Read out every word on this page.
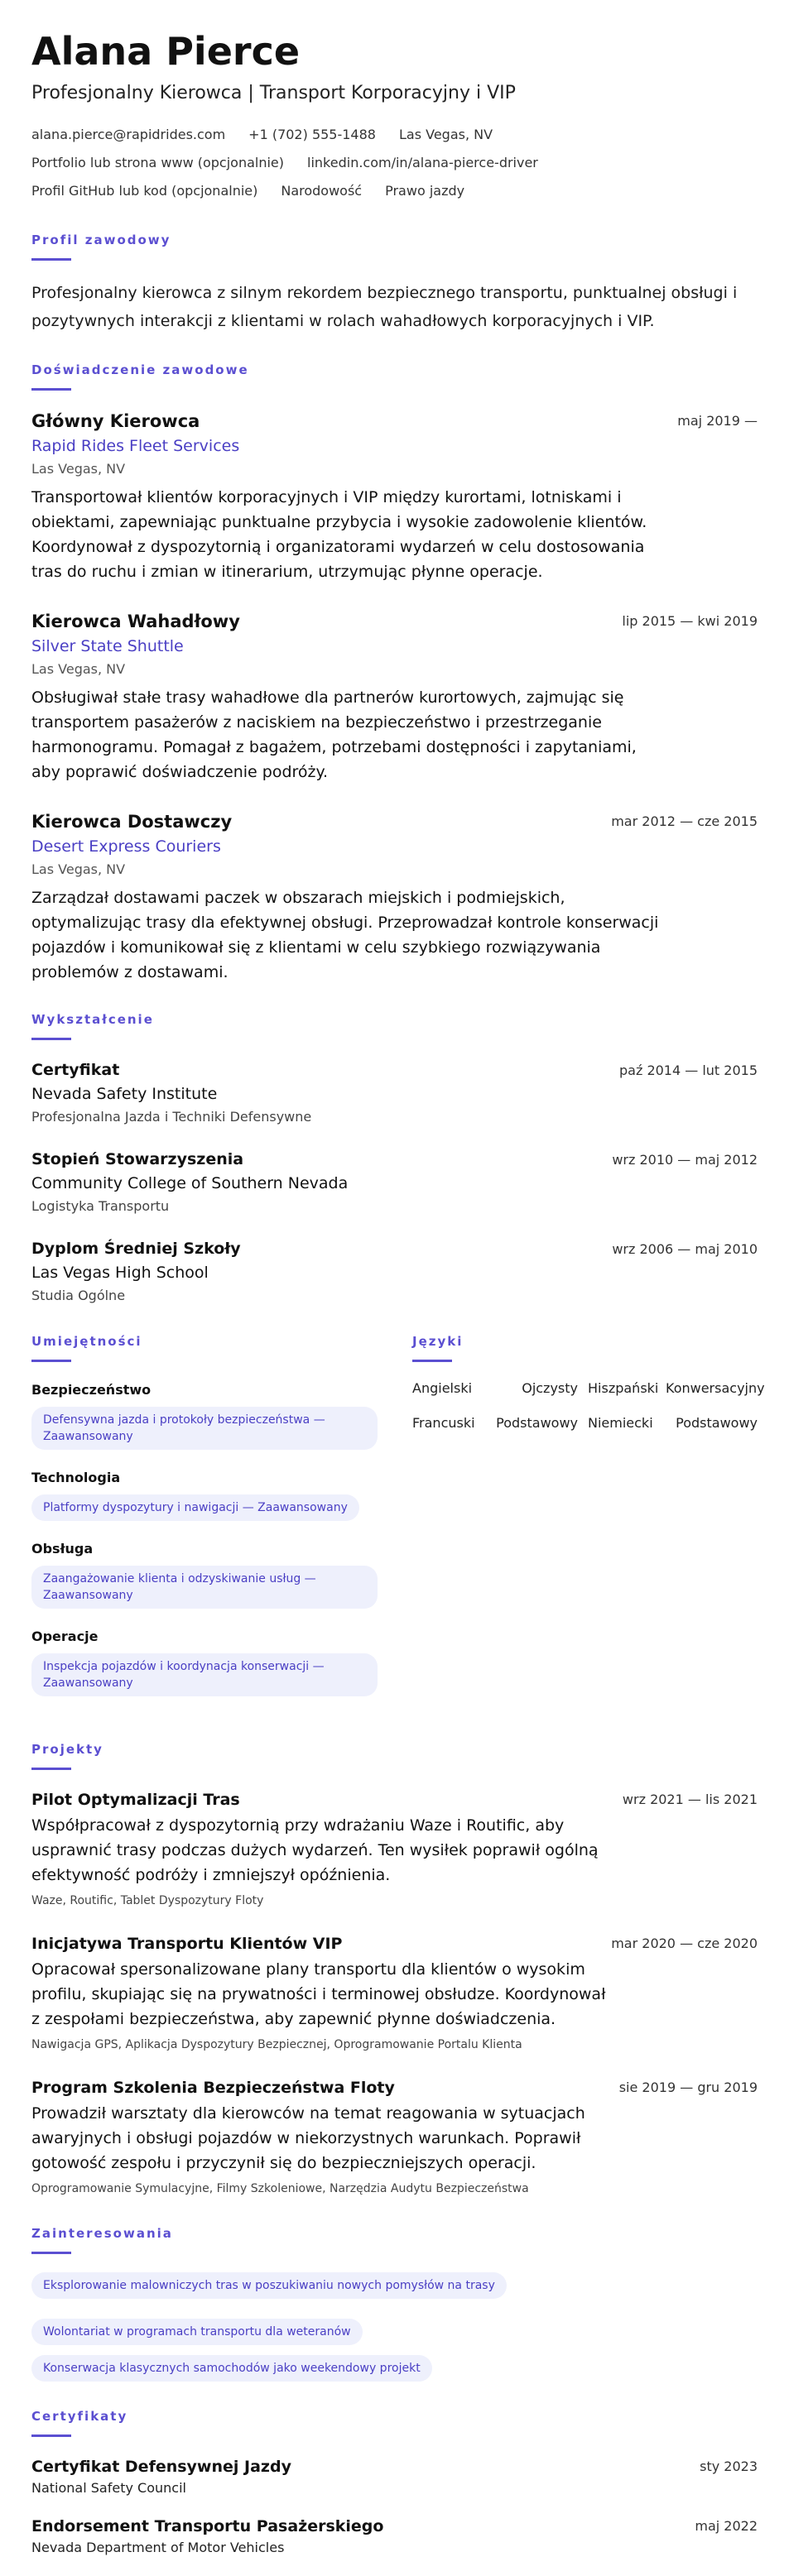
Alana Pierce
Profesjonalny Kierowca | Transport Korporacyjny i VIP
alana.pierce@rapidrides.com +1 (702) 555-1488 Las Vegas, NV
Portfolio lub strona www (opcjonalnie) linkedin.com/in/alana-pierce-driver
Profil GitHub lub kod (opcjonalnie) Narodowość Prawo jazdy
Profil zawodowy

Profesjonalny kierowca z silnym rekordem bezpiecznego transportu, punktualnej obsługi i pozytywnych interakcji z klientami w rolach wahadłowych korporacyjnych i VIP.

Doświadczenie zawodowe
Główny Kierowca	maj 2019 —
Rapid Rides Fleet Services
Las Vegas, NV

Transportował klientów korporacyjnych i VIP między kurortami, lotniskami i obiektami, zapewniając punktualne przybycia i wysokie zadowolenie klientów. Koordynował z dyspozytornią i organizatorami wydarzeń w celu dostosowania tras do ruchu i zmian w itinerarium, utrzymując płynne operacje.

Kierowca Wahadłowy	lip 2015 — kwi 2019
Silver State Shuttle
Las Vegas, NV

Obsługiwał stałe trasy wahadłowe dla partnerów kurortowych, zajmując się transportem pasażerów z naciskiem na bezpieczeństwo i przestrzeganie harmonogramu. Pomagał z bagażem, potrzebami dostępności i zapytaniami, aby poprawić doświadczenie podróży.

Kierowca Dostawczy	mar 2012 — cze 2015
Desert Express Couriers
Las Vegas, NV

Zarządzał dostawami paczek w obszarach miejskich i podmiejskich, optymalizując trasy dla efektywnej obsługi. Przeprowadzał kontrole konserwacji pojazdów i komunikował się z klientami w celu szybkiego rozwiązywania problemów z dostawami.

Wykształcenie
Certyfikat	paź 2014 — lut 2015
Nevada Safety Institute
Profesjonalna Jazda i Techniki Defensywne
Stopień Stowarzyszenia	wrz 2010 — maj 2012
Community College of Southern Nevada
Logistyka Transportu
Dyplom Średniej Szkoły	wrz 2006 — maj 2010
Las Vegas High School
Studia Ogólne
Umiejętności
Bezpieczeństwo
Defensywna jazda i protokoły bezpieczeństwa — Zaawansowany
Technologia
Platformy dyspozytury i nawigacji — Zaawansowany
Obsługa
Zaangażowanie klienta i odzyskiwanie usług — Zaawansowany
Operacje
Inspekcja pojazdów i koordynacja konserwacji — Zaawansowany
Języki
Angielski	Ojczysty Hiszpański Konwersacyjny
Francuski	Podstawowy Niemiecki	Podstawowy
Projekty
Pilot Optymalizacji Tras	wrz 2021 — lis 2021

Współpracował z dyspozytornią przy wdrażaniu Waze i Routific, aby usprawnić trasy podczas dużych wydarzeń. Ten wysiłek poprawił ogólną efektywność podróży i zmniejszył opóźnienia.

Waze, Routific, Tablet Dyspozytury Floty
Inicjatywa Transportu Klientów VIP	mar 2020 — cze 2020

Opracował spersonalizowane plany transportu dla klientów o wysokim profilu, skupiając się na prywatności i terminowej obsłudze. Koordynował z zespołami bezpieczeństwa, aby zapewnić płynne doświadczenia.

Nawigacja GPS, Aplikacja Dyspozytury Bezpiecznej, Oprogramowanie Portalu Klienta
Program Szkolenia Bezpieczeństwa Floty	sie 2019 — gru 2019

Prowadził warsztaty dla kierowców na temat reagowania w sytuacjach awaryjnych i obsługi pojazdów w niekorzystnych warunkach. Poprawił gotowość zespołu i przyczynił się do bezpieczniejszych operacji.

Oprogramowanie Symulacyjne, Filmy Szkoleniowe, Narzędzia Audytu Bezpieczeństwa
Zainteresowania
Eksplorowanie malowniczych tras w poszukiwaniu nowych pomysłów na trasy
Wolontariat w programach transportu dla weteranów
Konserwacja klasycznych samochodów jako weekendowy projekt
Certyfikaty
Certyfikat Defensywnej Jazdy	sty 2023
National Safety Council
Endorsement Transportu Pasażerskiego	maj 2022
Nevada Department of Motor Vehicles
